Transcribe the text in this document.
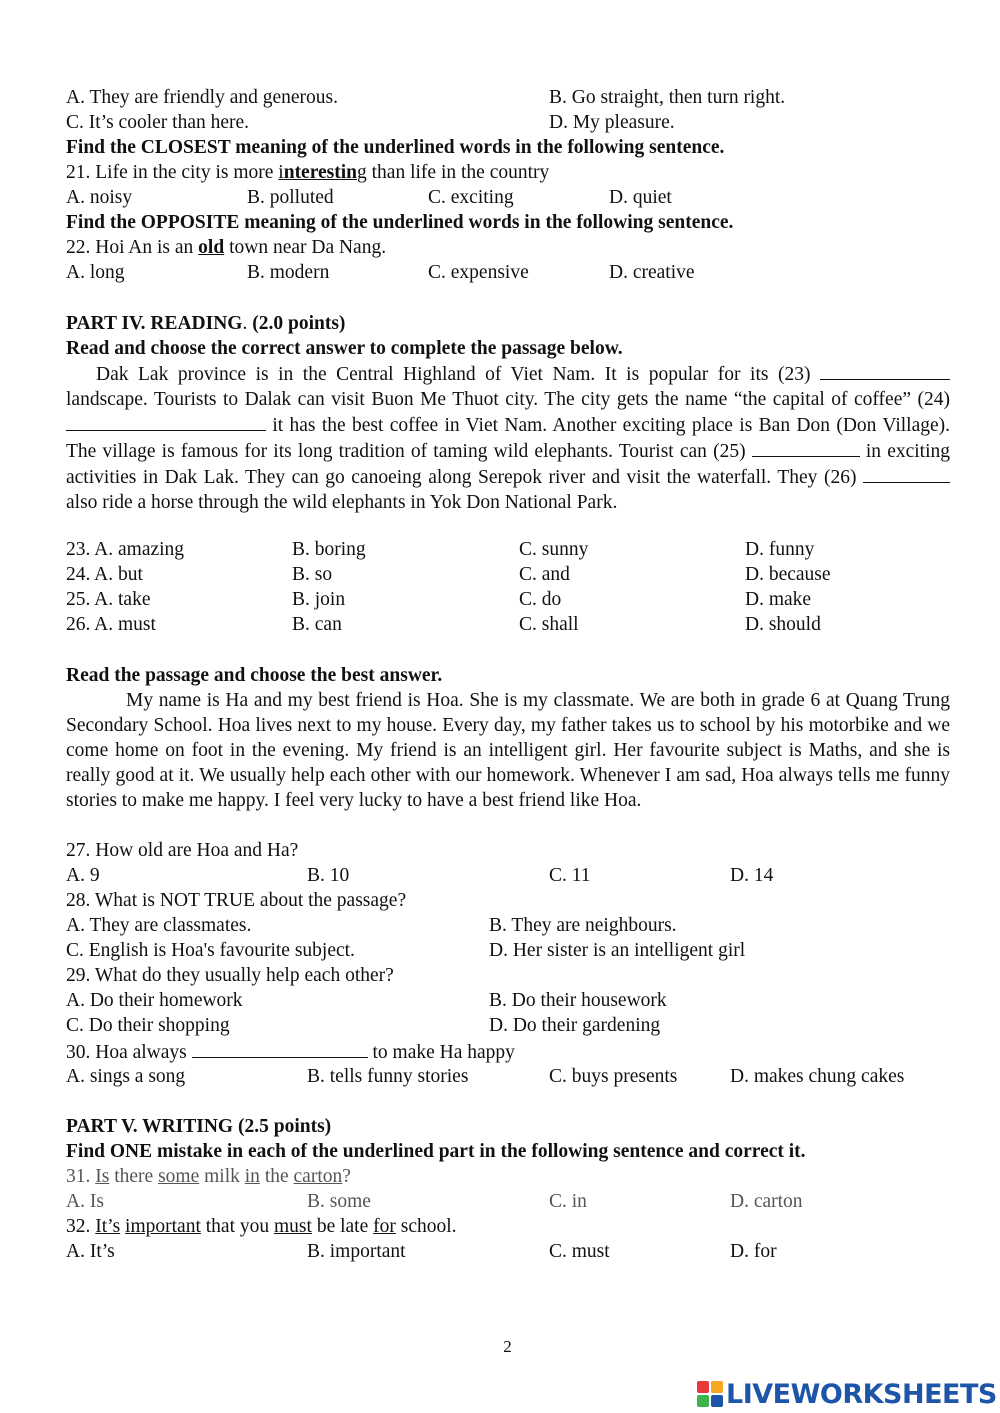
A. They are friendly and generous.	B. Go straight, then turn right.
C. It’s cooler than here.	D. My pleasure.
Find the CLOSEST meaning of the underlined words in the following sentence.
21. Life in the city is more interesting than life in the country
A. noisy	B. polluted	C. exciting	D. quiet
Find the OPPOSITE meaning of the underlined words in the following sentence.
22. Hoi An is an old town near Da Nang.
A. long	B. modern	C. expensive	D. creative
PART IV. READING. (2.0 points)
Read and choose the correct answer to complete the passage below.
Dak Lak province is in the Central Highland of Viet Nam. It is popular for its (23)  landscape. Tourists to Dalak can visit Buon Me Thuot city. The city gets the name “the capital of coffee” (24)  it has the best coffee in Viet Nam. Another exciting place is Ban Don (Don Village). The village is famous for its long tradition of taming wild elephants. Tourist can (25)	in exciting activities in Dak Lak. They can go canoeing along Serepok river and visit the waterfall. They (26)  also ride a horse through the wild elephants in Yok Don National Park.
23. A. amazing	B. boring	C. sunny	D. funny
24. A. but	B. so	C. and	D. because
25. A. take	B. join	C. do	D. make
26. A. must	B. can	C. shall	D. should
Read the passage and choose the best answer.
My name is Ha and my best friend is Hoa. She is my classmate. We are both in grade 6 at Quang Trung Secondary School. Hoa lives next to my house. Every day, my father takes us to school by his motorbike and we come home on foot in the evening. My friend is an intelligent girl. Her favourite subject is Maths, and she is really good at it. We usually help each other with our homework. Whenever I am sad, Hoa always tells me funny stories to make me happy. I feel very lucky to have a best friend like Hoa.
27. How old are Hoa and Ha?
A. 9	B. 10	C. 11	D. 14
28. What is NOT TRUE about the passage?
A. They are classmates.	B. They are neighbours.
C. English is Hoa's favourite subject.	D. Her sister is an intelligent girl
29. What do they usually help each other?
A. Do their homework	B. Do their housework
C. Do their shopping	D. Do their gardening
30. Hoa always	to make Ha happy
A. sings a song	B. tells funny stories	C. buys presents	D. makes chung cakes
PART V. WRITING (2.5 points)
Find ONE mistake in each of the underlined part in the following sentence and correct it.
31. Is there some milk in the carton?
A. Is	B. some	C. in	D. carton
32. It’s important that you must be late for school.
A. It’s	B. important	C. must	D. for
2
LIVEWORKSHEETS
